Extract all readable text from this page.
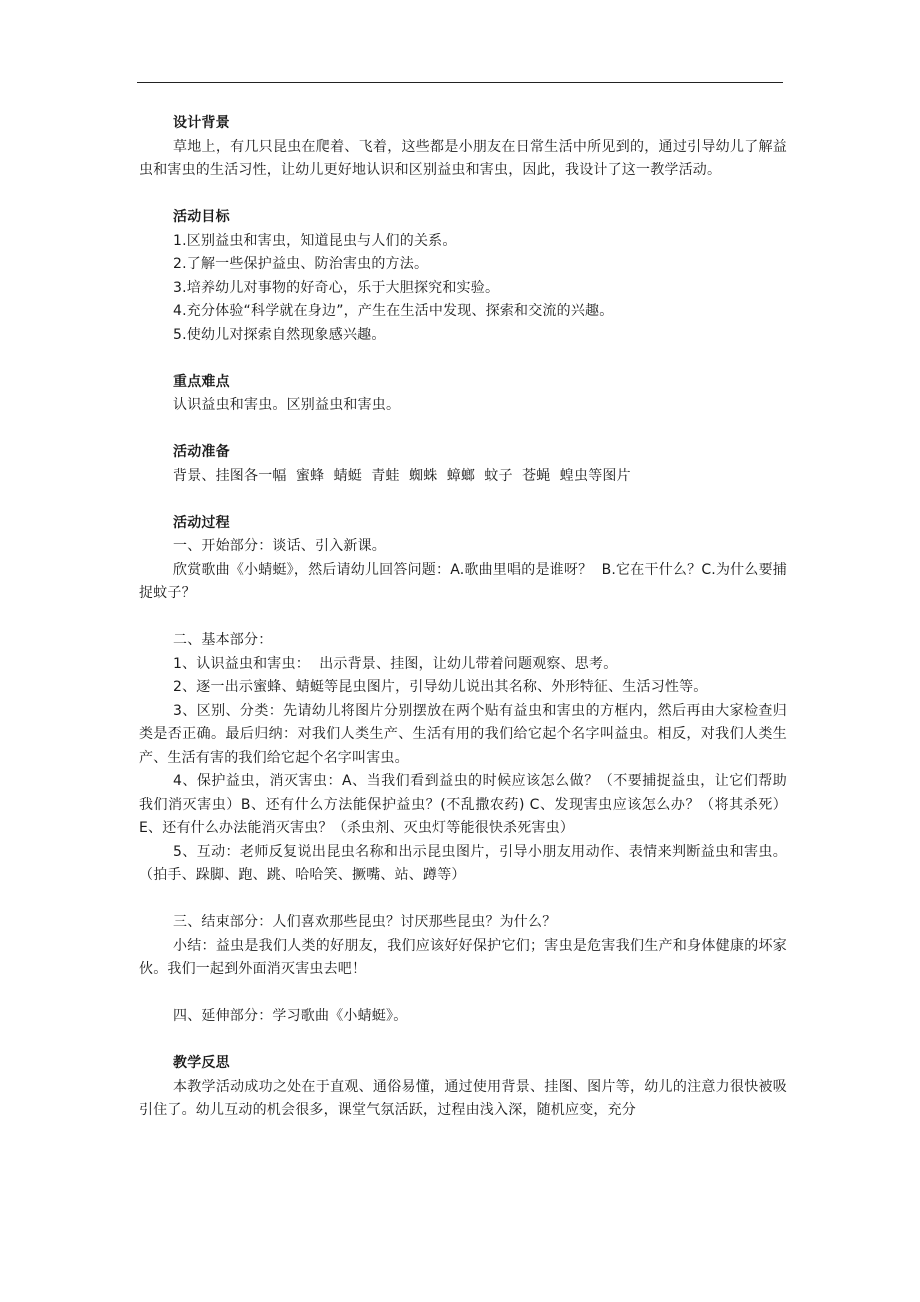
设计背景

草地上，有几只昆虫在爬着、飞着，这些都是小朋友在日常生活中所见到的，通过引导幼儿了解益虫和害虫的生活习性，让幼儿更好地认识和区别益虫和害虫，因此，我设计了这一教学活动。

活动目标

1.区别益虫和害虫，知道昆虫与人们的关系。

2.了解一些保护益虫、防治害虫的方法。

3.培养幼儿对事物的好奇心，乐于大胆探究和实验。

4.充分体验“科学就在身边”，产生在生活中发现、探索和交流的兴趣。

5.使幼儿对探索自然现象感兴趣。

重点难点

认识益虫和害虫。区别益虫和害虫。

活动准备

背景、挂图各一幅  蜜蜂  蜻蜓  青蛙  蜘蛛  蟑螂  蚊子  苍蝇  蝗虫等图片

活动过程

一、开始部分：谈话、引入新课。

欣赏歌曲《小蜻蜓》，然后请幼儿回答问题：A.歌曲里唱的是谁呀？  B.它在干什么？C.为什么要捕捉蚊子？

二、基本部分：

1、认识益虫和害虫：  出示背景、挂图，让幼儿带着问题观察、思考。

2、逐一出示蜜蜂、蜻蜓等昆虫图片，引导幼儿说出其名称、外形特征、生活习性等。

3、区别、分类：先请幼儿将图片分别摆放在两个贴有益虫和害虫的方框内，然后再由大家检查归类是否正确。最后归纳：对我们人类生产、生活有用的我们给它起个名字叫益虫。相反，对我们人类生产、生活有害的我们给它起个名字叫害虫。

4、保护益虫，消灭害虫：A、当我们看到益虫的时候应该怎么做？（不要捕捉益虫，让它们帮助我们消灭害虫）B、还有什么方法能保护益虫？(不乱撒农药) C、发现害虫应该怎么办？（将其杀死）E、还有什么办法能消灭害虫？（杀虫剂、灭虫灯等能很快杀死害虫）

5、互动：老师反复说出昆虫名称和出示昆虫图片，引导小朋友用动作、表情来判断益虫和害虫。（拍手、跺脚、跑、跳、哈哈笑、撅嘴、站、蹲等）

三、结束部分：人们喜欢那些昆虫？讨厌那些昆虫？为什么？

小结：益虫是我们人类的好朋友，我们应该好好保护它们；害虫是危害我们生产和身体健康的坏家伙。我们一起到外面消灭害虫去吧！

四、延伸部分：学习歌曲《小蜻蜓》。

教学反思

本教学活动成功之处在于直观、通俗易懂，通过使用背景、挂图、图片等，幼儿的注意力很快被吸引住了。幼儿互动的机会很多，课堂气氛活跃，过程由浅入深，随机应变，充分
